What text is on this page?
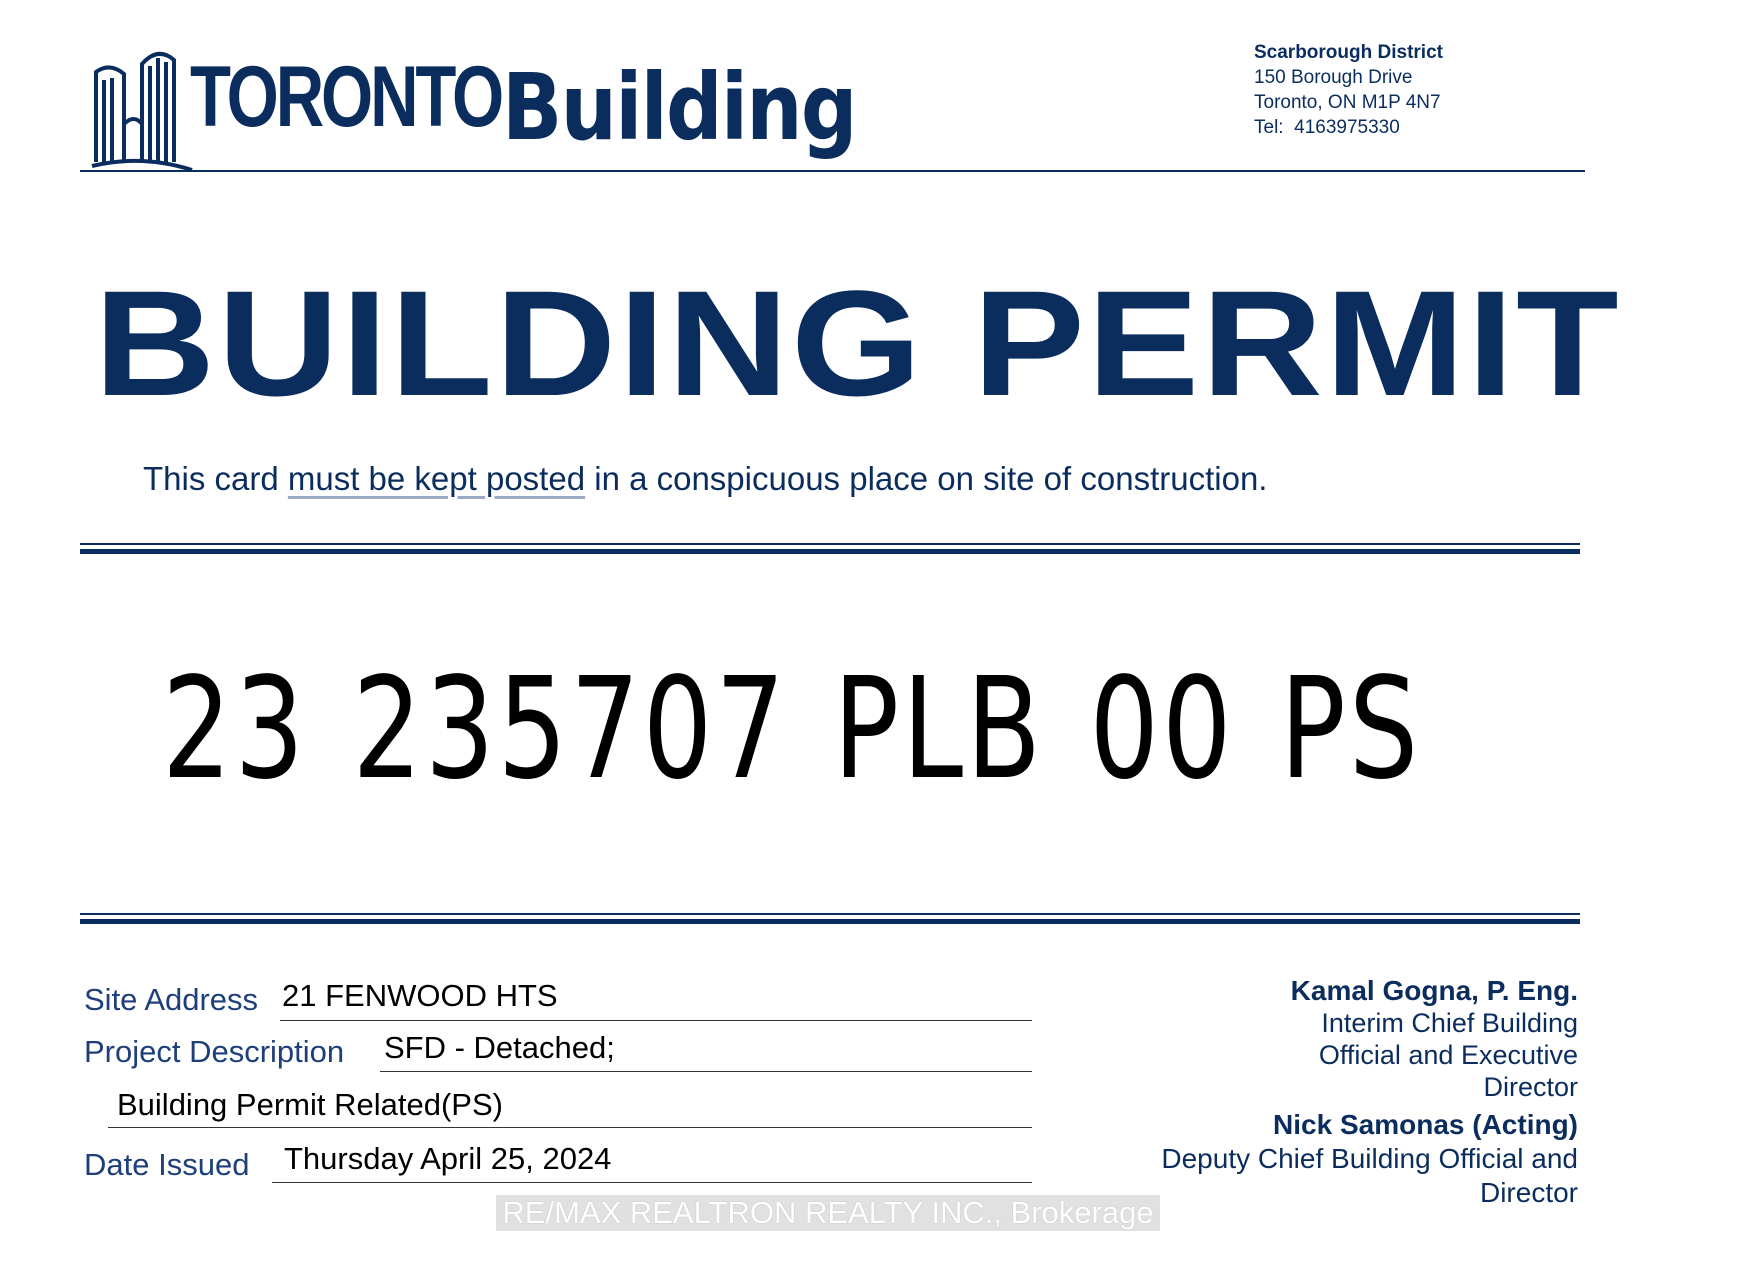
TORONTO Building
Scarborough District
150 Borough Drive
Toronto, ON M1P 4N7
Tel: 4163975330
BUILDING PERMIT
This card must be kept posted in a conspicuous place on site of construction.
23 235707 PLB 00 PS
Site Address 21 FENWOOD HTS
Project Description SFD - Detached;
Building Permit Related(PS)
Date Issued Thursday April 25, 2024
Kamal Gogna, P. Eng.
Interim Chief Building
Official and Executive
Director
Nick Samonas (Acting)
Deputy Chief Building Official and
Director
RE/MAX REALTRON REALTY INC., Brokerage
